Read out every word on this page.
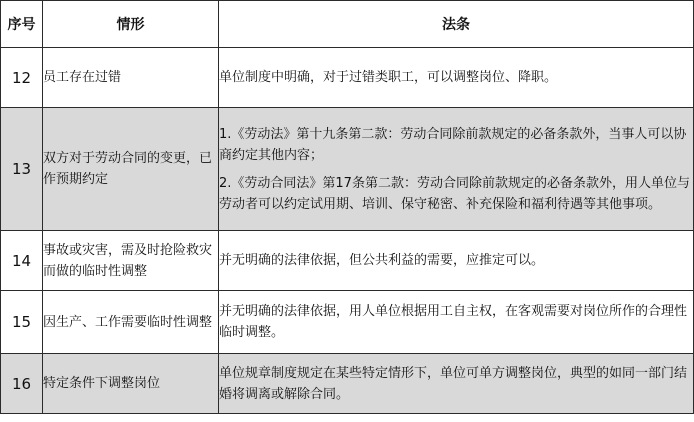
序号	情形	法条
12	员工存在过错	单位制度中明确，对于过错类职工，可以调整岗位、降职。

13	双方对于劳动合同的变更，已作预期约定	1.《劳动法》第十九条第二款：劳动合同除前款规定的必备条款外，当事人可以协商约定其他内容；
2.《劳动合同法》第17条第二款：劳动合同除前款规定的必备条款外，用人单位与劳动者可以约定试用期、培训、保守秘密、补充保险和福利待遇等其他事项。

14	事故或灾害，需及时抢险救灾而做的临时性调整	并无明确的法律依据，但公共利益的需要，应推定可以。

15	因生产、工作需要临时性调整	并无明确的法律依据，用人单位根据用工自主权，在客观需要对岗位所作的合理性临时调整。

16	特定条件下调整岗位	单位规章制度规定在某些特定情形下，单位可单方调整岗位，典型的如同一部门结婚将调离或解除合同。
